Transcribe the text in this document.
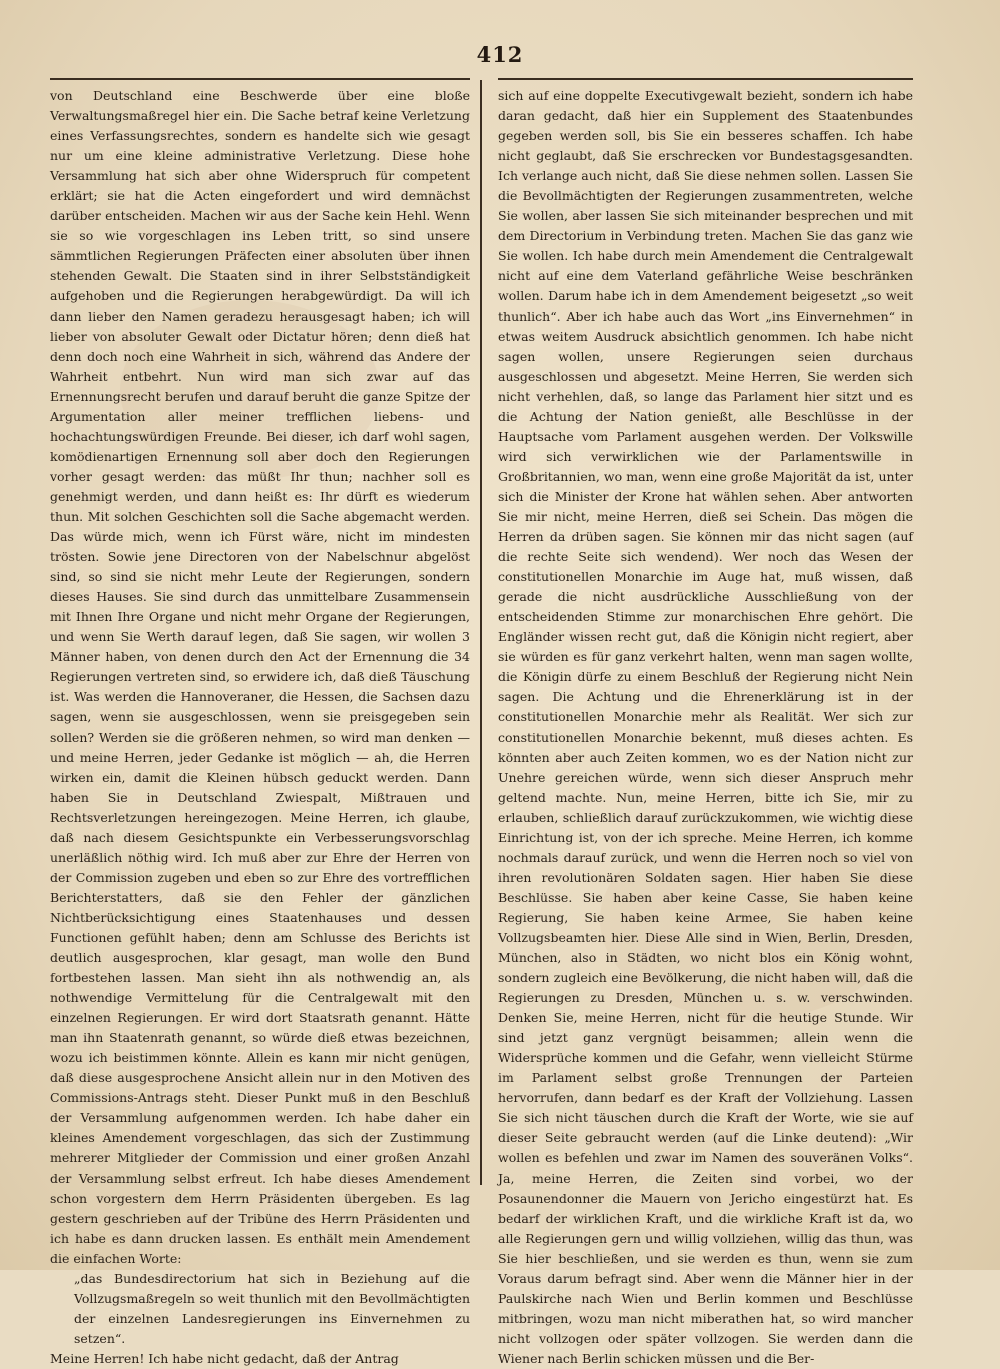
412

von Deutschland eine Beschwerde über eine bloße Verwaltungsmaßregel hier ein. Die Sache betraf keine Verletzung eines Verfassungsrechtes, sondern es handelte sich wie gesagt nur um eine kleine administrative Verletzung. Diese hohe Versammlung hat sich aber ohne Widerspruch für competent erklärt; sie hat die Acten eingefordert und wird demnächst darüber entscheiden. Machen wir aus der Sache kein Hehl. Wenn sie so wie vorgeschlagen ins Leben tritt, so sind unsere sämmtlichen Regierungen Präfecten einer absoluten über ihnen stehenden Gewalt. Die Staaten sind in ihrer Selbstständigkeit aufgehoben und die Regierungen herabgewürdigt. Da will ich dann lieber den Namen geradezu herausgesagt haben; ich will lieber von absoluter Gewalt oder Dictatur hören; denn dieß hat denn doch noch eine Wahrheit in sich, während das Andere der Wahrheit entbehrt. Nun wird man sich zwar auf das Ernennungsrecht berufen und darauf beruht die ganze Spitze der Argumentation aller meiner trefflichen liebens- und hochachtungswürdigen Freunde. Bei dieser, ich darf wohl sagen, komödienartigen Ernennung soll aber doch den Regierungen vorher gesagt werden: das müßt Ihr thun; nachher soll es genehmigt werden, und dann heißt es: Ihr dürft es wiederum thun. Mit solchen Geschichten soll die Sache abgemacht werden. Das würde mich, wenn ich Fürst wäre, nicht im mindesten trösten. Sowie jene Directoren von der Nabelschnur abgelöst sind, so sind sie nicht mehr Leute der Regierungen, sondern dieses Hauses. Sie sind durch das unmittelbare Zusammensein mit Ihnen Ihre Organe und nicht mehr Organe der Regierungen, und wenn Sie Werth darauf legen, daß Sie sagen, wir wollen 3 Männer haben, von denen durch den Act der Ernennung die 34 Regierungen vertreten sind, so erwidere ich, daß dieß Täuschung ist. Was werden die Hannoveraner, die Hessen, die Sachsen dazu sagen, wenn sie ausgeschlossen, wenn sie preisgegeben sein sollen? Werden sie die größeren nehmen, so wird man denken — und meine Herren, jeder Gedanke ist möglich — ah, die Herren wirken ein, damit die Kleinen hübsch geduckt werden. Dann haben Sie in Deutschland Zwiespalt, Mißtrauen und Rechtsverletzungen hereingezogen. Meine Herren, ich glaube, daß nach diesem Gesichtspunkte ein Verbesserungsvorschlag unerläßlich nöthig wird. Ich muß aber zur Ehre der Herren von der Commission zugeben und eben so zur Ehre des vortrefflichen Berichterstatters, daß sie den Fehler der gänzlichen Nichtberücksichtigung eines Staatenhauses und dessen Functionen gefühlt haben; denn am Schlusse des Berichts ist deutlich ausgesprochen, klar gesagt, man wolle den Bund fortbestehen lassen. Man sieht ihn als nothwendig an, als nothwendige Vermittelung für die Centralgewalt mit den einzelnen Regierungen. Er wird dort Staatsrath genannt. Hätte man ihn Staatenrath genannt, so würde dieß etwas bezeichnen, wozu ich beistimmen könnte. Allein es kann mir nicht genügen, daß diese ausgesprochene Ansicht allein nur in den Motiven des Commissions-Antrags steht. Dieser Punkt muß in den Beschluß der Versammlung aufgenommen werden. Ich habe daher ein kleines Amendement vorgeschlagen, das sich der Zustimmung mehrerer Mitglieder der Commission und einer großen Anzahl der Versammlung selbst erfreut. Ich habe dieses Amendement schon vorgestern dem Herrn Präsidenten übergeben. Es lag gestern geschrieben auf der Tribüne des Herrn Präsidenten und ich habe es dann drucken lassen. Es enthält mein Amendement die einfachen Worte:

„das Bundesdirectorium hat sich in Beziehung auf die Vollzugsmaßregeln so weit thunlich mit den Bevollmächtigten der einzelnen Landesregierungen ins Einvernehmen zu setzen“.

Meine Herren! Ich habe nicht gedacht, daß der Antrag

sich auf eine doppelte Executivgewalt bezieht, sondern ich habe daran gedacht, daß hier ein Supplement des Staatenbundes gegeben werden soll, bis Sie ein besseres schaffen. Ich habe nicht geglaubt, daß Sie erschrecken vor Bundestagsgesandten. Ich verlange auch nicht, daß Sie diese nehmen sollen. Lassen Sie die Bevollmächtigten der Regierungen zusammentreten, welche Sie wollen, aber lassen Sie sich miteinander besprechen und mit dem Directorium in Verbindung treten. Machen Sie das ganz wie Sie wollen. Ich habe durch mein Amendement die Centralgewalt nicht auf eine dem Vaterland gefährliche Weise beschränken wollen. Darum habe ich in dem Amendement beigesetzt „so weit thunlich“. Aber ich habe auch das Wort „ins Einvernehmen“ in etwas weitem Ausdruck absichtlich genommen. Ich habe nicht sagen wollen, unsere Regierungen seien durchaus ausgeschlossen und abgesetzt. Meine Herren, Sie werden sich nicht verhehlen, daß, so lange das Parlament hier sitzt und es die Achtung der Nation genießt, alle Beschlüsse in der Hauptsache vom Parlament ausgehen werden. Der Volkswille wird sich verwirklichen wie der Parlamentswille in Großbritannien, wo man, wenn eine große Majorität da ist, unter sich die Minister der Krone hat wählen sehen. Aber antworten Sie mir nicht, meine Herren, dieß sei Schein. Das mögen die Herren da drüben sagen. Sie können mir das nicht sagen (auf die rechte Seite sich wendend). Wer noch das Wesen der constitutionellen Monarchie im Auge hat, muß wissen, daß gerade die nicht ausdrückliche Ausschließung von der entscheidenden Stimme zur monarchischen Ehre gehört. Die Engländer wissen recht gut, daß die Königin nicht regiert, aber sie würden es für ganz verkehrt halten, wenn man sagen wollte, die Königin dürfe zu einem Beschluß der Regierung nicht Nein sagen. Die Achtung und die Ehrenerklärung ist in der constitutionellen Monarchie mehr als Realität. Wer sich zur constitutionellen Monarchie bekennt, muß dieses achten. Es könnten aber auch Zeiten kommen, wo es der Nation nicht zur Unehre gereichen würde, wenn sich dieser Anspruch mehr geltend machte. Nun, meine Herren, bitte ich Sie, mir zu erlauben, schließlich darauf zurückzukommen, wie wichtig diese Einrichtung ist, von der ich spreche. Meine Herren, ich komme nochmals darauf zurück, und wenn die Herren noch so viel von ihren revolutionären Soldaten sagen. Hier haben Sie diese Beschlüsse. Sie haben aber keine Casse, Sie haben keine Regierung, Sie haben keine Armee, Sie haben keine Vollzugsbeamten hier. Diese Alle sind in Wien, Berlin, Dresden, München, also in Städten, wo nicht blos ein König wohnt, sondern zugleich eine Bevölkerung, die nicht haben will, daß die Regierungen zu Dresden, München u. s. w. verschwinden. Denken Sie, meine Herren, nicht für die heutige Stunde. Wir sind jetzt ganz vergnügt beisammen; allein wenn die Widersprüche kommen und die Gefahr, wenn vielleicht Stürme im Parlament selbst große Trennungen der Parteien hervorrufen, dann bedarf es der Kraft der Vollziehung. Lassen Sie sich nicht täuschen durch die Kraft der Worte, wie sie auf dieser Seite gebraucht werden (auf die Linke deutend): „Wir wollen es befehlen und zwar im Namen des souveränen Volks“. Ja, meine Herren, die Zeiten sind vorbei, wo der Posaunendonner die Mauern von Jericho eingestürzt hat. Es bedarf der wirklichen Kraft, und die wirkliche Kraft ist da, wo alle Regierungen gern und willig vollziehen, willig das thun, was Sie hier beschließen, und sie werden es thun, wenn sie zum Voraus darum befragt sind. Aber wenn die Männer hier in der Paulskirche nach Wien und Berlin kommen und Beschlüsse mitbringen, wozu man nicht miberathen hat, so wird mancher nicht vollzogen oder später vollzogen. Sie werden dann die Wiener nach Berlin schicken müssen und die Ber-
